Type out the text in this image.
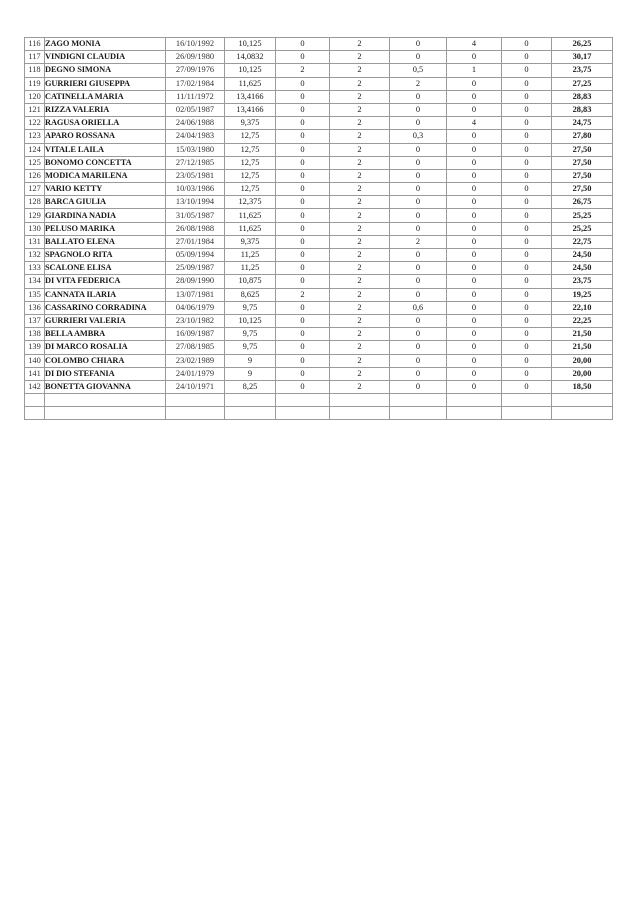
116	ZAGO MONIA	16/10/1992	10,125	0	2	0	4	0	26,25
117	VINDIGNI CLAUDIA	26/09/1980	14,0832	0	2	0	0	0	30,17
118	DEGNO SIMONA	27/09/1976	10,125	2	2	0,5	1	0	23,75
119	GURRIERI GIUSEPPA	17/02/1984	11,625	0	2	2	0	0	27,25
120	CATINELLA MARIA	11/11/1972	13,4166	0	2	0	0	0	28,83
121	RIZZA VALERIA	02/05/1987	13,4166	0	2	0	0	0	28,83
122	RAGUSA ORIELLA	24/06/1988	9,375	0	2	0	4	0	24,75
123	APARO ROSSANA	24/04/1983	12,75	0	2	0,3	0	0	27,80
124	VITALE LAILA	15/03/1980	12,75	0	2	0	0	0	27,50
125	BONOMO CONCETTA	27/12/1985	12,75	0	2	0	0	0	27,50
126	MODICA MARILENA	23/05/1981	12,75	0	2	0	0	0	27,50
127	VARIO KETTY	10/03/1986	12,75	0	2	0	0	0	27,50
128	BARCA GIULIA	13/10/1994	12,375	0	2	0	0	0	26,75
129	GIARDINA NADIA	31/05/1987	11,625	0	2	0	0	0	25,25
130	PELUSO MARIKA	26/08/1988	11,625	0	2	0	0	0	25,25
131	BALLATO ELENA	27/01/1984	9,375	0	2	2	0	0	22,75
132	SPAGNOLO RITA	05/09/1994	11,25	0	2	0	0	0	24,50
133	SCALONE ELISA	25/09/1987	11,25	0	2	0	0	0	24,50
134	DI VITA FEDERICA	28/09/1990	10,875	0	2	0	0	0	23,75
135	CANNATA ILARIA	13/07/1981	8,625	2	2	0	0	0	19,25
136	CASSARINO CORRADINA	04/06/1979	9,75	0	2	0,6	0	0	22,10
137	GURRIERI VALERIA	23/10/1982	10,125	0	2	0	0	0	22,25
138	BELLA AMBRA	16/09/1987	9,75	0	2	0	0	0	21,50
139	DI MARCO ROSALIA	27/08/1985	9,75	0	2	0	0	0	21,50
140	COLOMBO CHIARA	23/02/1989	9	0	2	0	0	0	20,00
141	DI DIO STEFANIA	24/01/1979	9	0	2	0	0	0	20,00
142	BONETTA GIOVANNA	24/10/1971	8,25	0	2	0	0	0	18,50
